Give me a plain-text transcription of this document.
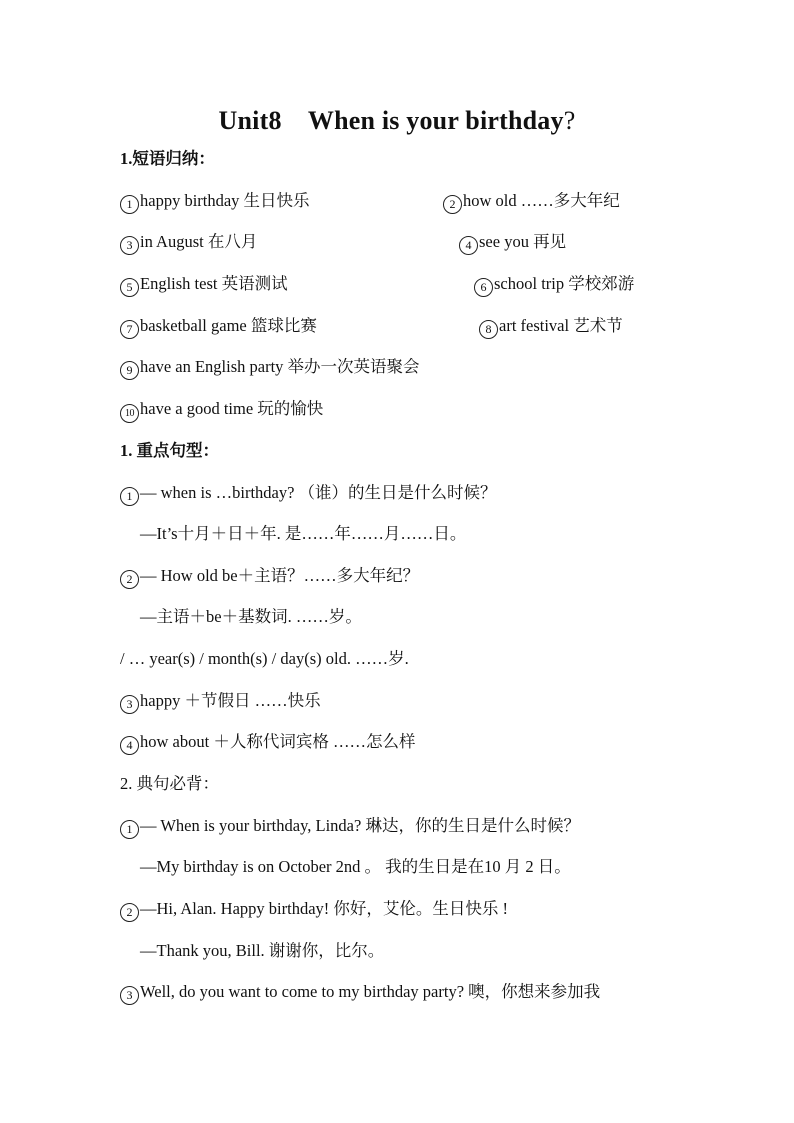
Unit8　When is your birthday?
1.短语归纳：
1 happy birthday 生日快乐	2 how old ……多大年纪
3 in August 在八月	4 see you 再见
5 English test 英语测试	6 school trip 学校郊游
7 basketball game 篮球比赛	8 art festival 艺术节
9 have an English party 举办一次英语聚会
10 have a good time 玩的愉快
1. 重点句型：
1 — when is …birthday? （谁）的生日是什么时候？
—It’s十月＋日＋年. 是……年……月……日。
2 — How old be＋主语？……多大年纪？
—主语＋be＋基数词. ……岁。
/ … year(s) / month(s) / day(s) old. ……岁.
3 happy ＋节假日 ……快乐
4 how about ＋人称代词宾格 ……怎么样
2. 典句必背：
1 — When is your birthday, Linda? 琳达，你的生日是什么时候？
—My birthday is on October 2nd 。 我的生日是在10 月 2 日。
2 —Hi, Alan. Happy birthday! 你好，艾伦。生日快乐 !
—Thank you, Bill. 谢谢你，比尔。
3 Well, do you want to come to my birthday party? 噢，你想来参加我
